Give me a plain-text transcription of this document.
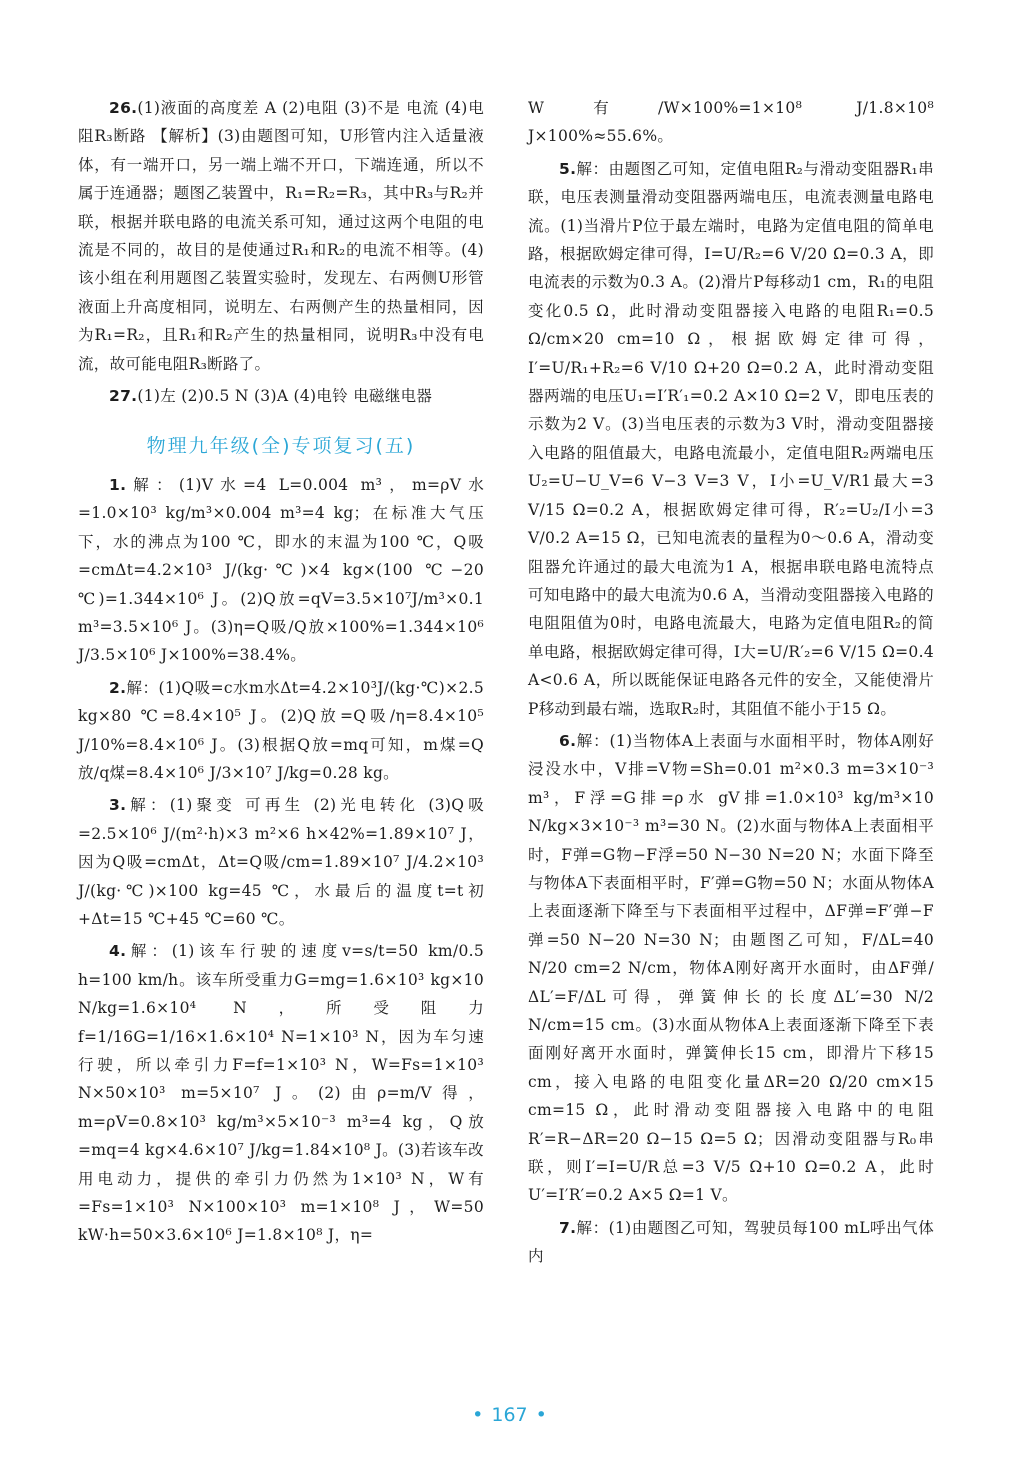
26.(1)液面的高度差 A (2)电阻 (3)不是 电流 (4)电阻R₃断路 【解析】(3)由题图可知，U形管内注入适量液体，有一端开口，另一端上端不开口，下端连通，所以不属于连通器；题图乙装置中，R₁=R₂=R₃，其中R₃与R₂并联，根据并联电路的电流关系可知，通过这两个电阻的电流是不同的，故目的是使通过R₁和R₂的电流不相等。(4)该小组在利用题图乙装置实验时，发现左、右两侧U形管液面上升高度相同，说明左、右两侧产生的热量相同，因为R₁=R₂，且R₁和R₂产生的热量相同，说明R₃中没有电流，故可能电阻R₃断路了。

27.(1)左 (2)0.5 N (3)A (4)电铃 电磁继电器

物理九年级(全)专项复习(五)

1.解：(1)V水=4 L=0.004 m³，m=ρV水=1.0×10³ kg/m³×0.004 m³=4 kg；在标准大气压下，水的沸点为100 ℃，即水的末温为100 ℃，Q吸=cmΔt=4.2×10³ J/(kg·℃)×4 kg×(100 ℃−20 ℃)=1.344×10⁶ J。(2)Q放=qV=3.5×10⁷J/m³×0.1 m³=3.5×10⁶ J。(3)η=Q吸/Q放×100%=1.344×10⁶ J/3.5×10⁶ J×100%=38.4%。

2.解：(1)Q吸=c水m水Δt=4.2×10³J/(kg·℃)×2.5 kg×80 ℃=8.4×10⁵ J。(2)Q放=Q吸/η=8.4×10⁵ J/10%=8.4×10⁶ J。(3)根据Q放=mq可知，m煤=Q放/q煤=8.4×10⁶ J/3×10⁷ J/kg=0.28 kg。

3.解：(1)聚变 可再生 (2)光电转化 (3)Q吸=2.5×10⁶ J/(m²·h)×3 m²×6 h×42%=1.89×10⁷ J，因为Q吸=cmΔt，Δt=Q吸/cm=1.89×10⁷ J/4.2×10³ J/(kg·℃)×100 kg=45 ℃，水最后的温度t=t初+Δt=15 ℃+45 ℃=60 ℃。

4.解：(1)该车行驶的速度v=s/t=50 km/0.5 h=100 km/h。该车所受重力G=mg=1.6×10³ kg×10 N/kg=1.6×10⁴ N，所受阻力f=1/16G=1/16×1.6×10⁴ N=1×10³ N，因为车匀速行驶，所以牵引力F=f=1×10³ N，W=Fs=1×10³ N×50×10³ m=5×10⁷ J。(2)由ρ=m/V得，m=ρV=0.8×10³ kg/m³×5×10⁻³ m³=4 kg，Q放=mq=4 kg×4.6×10⁷ J/kg=1.84×10⁸ J。(3)若该车改用电动力，提供的牵引力仍然为1×10³ N，W有=Fs=1×10³ N×100×10³ m=1×10⁸ J，W=50 kW·h=50×3.6×10⁶ J=1.8×10⁸ J，η=

W有/W×100%=1×10⁸ J/1.8×10⁸ J×100%≈55.6%。

5.解：由题图乙可知，定值电阻R₂与滑动变阻器R₁串联，电压表测量滑动变阻器两端电压，电流表测量电路电流。(1)当滑片P位于最左端时，电路为定值电阻的简单电路，根据欧姆定律可得，I=U/R₂=6 V/20 Ω=0.3 A，即电流表的示数为0.3 A。(2)滑片P每移动1 cm，R₁的电阻变化0.5 Ω，此时滑动变阻器接入电路的电阻R₁=0.5 Ω/cm×20 cm=10 Ω，根据欧姆定律可得，I′=U/R₁+R₂=6 V/10 Ω+20 Ω=0.2 A，此时滑动变阻器两端的电压U₁=I′R′₁=0.2 A×10 Ω=2 V，即电压表的示数为2 V。(3)当电压表的示数为3 V时，滑动变阻器接入电路的阻值最大，电路电流最小，定值电阻R₂两端电压U₂=U−U_V=6 V−3 V=3 V，I小=U_V/R1最大=3 V/15 Ω=0.2 A，根据欧姆定律可得，R′₂=U₂/I小=3 V/0.2 A=15 Ω，已知电流表的量程为0～0.6 A，滑动变阻器允许通过的最大电流为1 A，根据串联电路电流特点可知电路中的最大电流为0.6 A，当滑动变阻器接入电路的电阻阻值为0时，电路电流最大，电路为定值电阻R₂的简单电路，根据欧姆定律可得，I大=U/R′₂=6 V/15 Ω=0.4 A<0.6 A，所以既能保证电路各元件的安全，又能使滑片P移动到最右端，选取R₂时，其阻值不能小于15 Ω。

6.解：(1)当物体A上表面与水面相平时，物体A刚好浸没水中，V排=V物=Sh=0.01 m²×0.3 m=3×10⁻³ m³，F浮=G排=ρ水 gV排=1.0×10³ kg/m³×10 N/kg×3×10⁻³ m³=30 N。(2)水面与物体A上表面相平时，F弹=G物−F浮=50 N−30 N=20 N；水面下降至与物体A下表面相平时，F′弹=G物=50 N；水面从物体A上表面逐渐下降至与下表面相平过程中，ΔF弹=F′弹−F弹=50 N−20 N=30 N；由题图乙可知，F/ΔL=40 N/20 cm=2 N/cm，物体A刚好离开水面时，由ΔF弹/ΔL′=F/ΔL可得，弹簧伸长的长度ΔL′=30 N/2 N/cm=15 cm。(3)水面从物体A上表面逐渐下降至下表面刚好离开水面时，弹簧伸长15 cm，即滑片下移15 cm，接入电路的电阻变化量ΔR=20 Ω/20 cm×15 cm=15 Ω，此时滑动变阻器接入电路中的电阻R′=R−ΔR=20 Ω−15 Ω=5 Ω；因滑动变阻器与R₀串联，则I′=I=U/R总=3 V/5 Ω+10 Ω=0.2 A，此时U′=I′R′=0.2 A×5 Ω=1 V。

7.解：(1)由题图乙可知，驾驶员每100 mL呼出气体内

• 167 •
